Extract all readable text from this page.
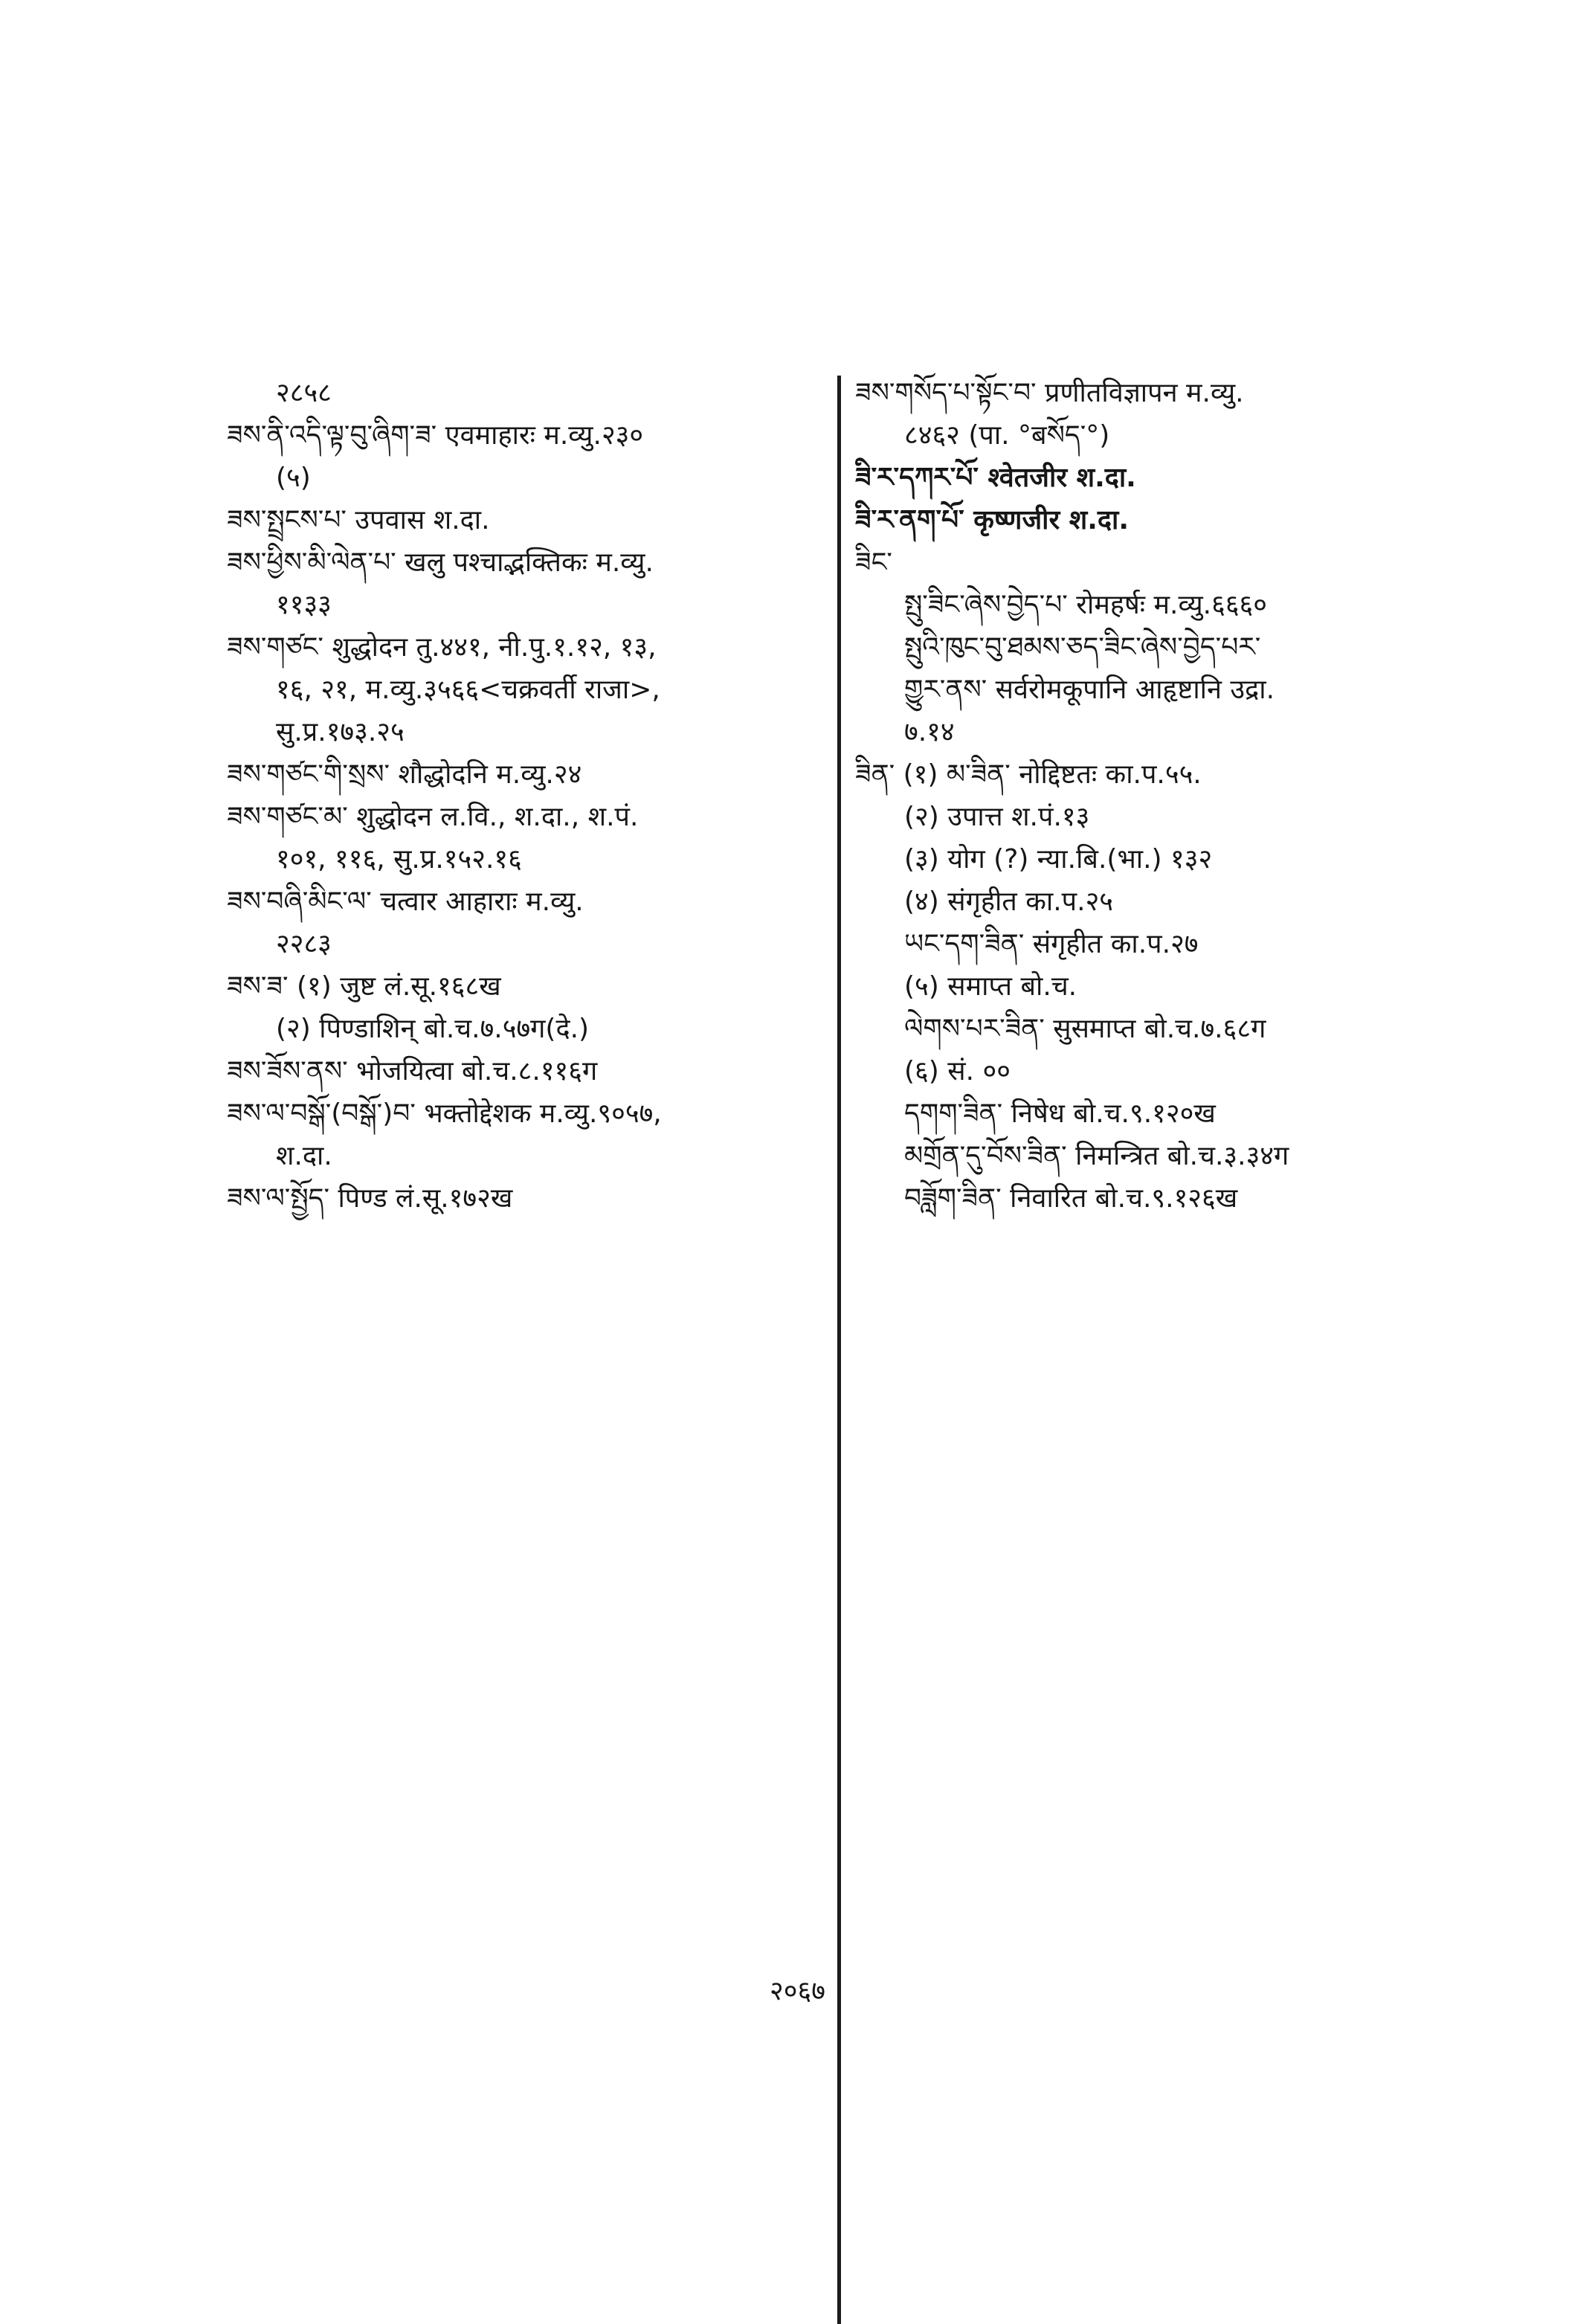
२८५८
ཟས་ནི་འདི་ལྟ་བུ་ཞིག་ཟ་ एवमाहारः म.व्यु.२३०
(५)
ཟས་སྤྲངས་པ་ उपवास श.दा.
ཟས་ཕྱིས་མི་ལེན་པ་ खलु पश्चाद्भक्तिकः म.व्यु.
११३३
ཟས་གཙང་ शुद्धोदन तु.४४१, नी.पु.१.१२, १३,
१६, २१, म.व्यु.३५६६<चक्रवर्ती राजा>,
सु.प्र.१७३.२५
ཟས་གཙང་གི་སྲས་ शौद्धोदनि म.व्यु.२४
ཟས་གཙང་མ་ शुद्धोदन ल.वि., श.दा., श.पं.
१०१, ११६, सु.प्र.१५२.१६
ཟས་བཞི་མིང་ལ་ चत्वार आहाराः म.व्यु.
२२८३
ཟས་ཟ་ (१) जुष्ट लं.सू.१६८ख
(२) पिण्डाशिन् बो.च.७.५७ग(दे.)
ཟས་ཟོས་ནས་ भोजयित्वा बो.च.८.११६ग
ཟས་ལ་བསྒོ་(བསྒོ་)བ་ भक्तोद्देशक म.व्यु.९०५७,
श.दा.
ཟས་ལ་སྤྱོད་ पिण्ड लं.सू.१७२ख
ཟས་གསོད་པ་སྟོང་བ་ प्रणीतविज्ञापन म.व्यु.
८४६२ (पा. °बསོད་°)
ཟི་ར་དཀར་པོ་ श्वेतजीर श.दा.
ཟི་ར་ནག་པོ་ कृष्णजीर श.दा.
ཟིང་
སྤུ་ཟིང་ཞེས་བྱེད་པ་ रोमहर्षः म.व्यु.६६६०
སྤུའི་ཁུང་བུ་ཐམས་ཅད་ཟིང་ཞེས་བྱེད་པར་
གྱུར་ནས་ सर्वरोमकूपानि आहृष्टानि उद्रा.
७.१४
ཟིན་ (१) མ་ཟིན་ नोद्दिष्टतः का.प.५५.
(२) उपात्त श.पं.१३
(३) योग (?) न्या.बि.(भा.) १३२
(४) संगृहीत का.प.२५
ཡང་དག་ཟིན་ संगृहीत का.प.२७
(५) समाप्त बो.च.
ལེགས་པར་ཟིན་ सुसमाप्त बो.च.७.६८ग
(६) सं. ००
དགག་ཟིན་ निषेध बो.च.९.१२०ख
མགྲོན་དུ་བོས་ཟིན་ निमन्त्रित बो.च.३.३४ग
བཟློག་ཟིན་ निवारित बो.च.९.१२६ख
२०६७
